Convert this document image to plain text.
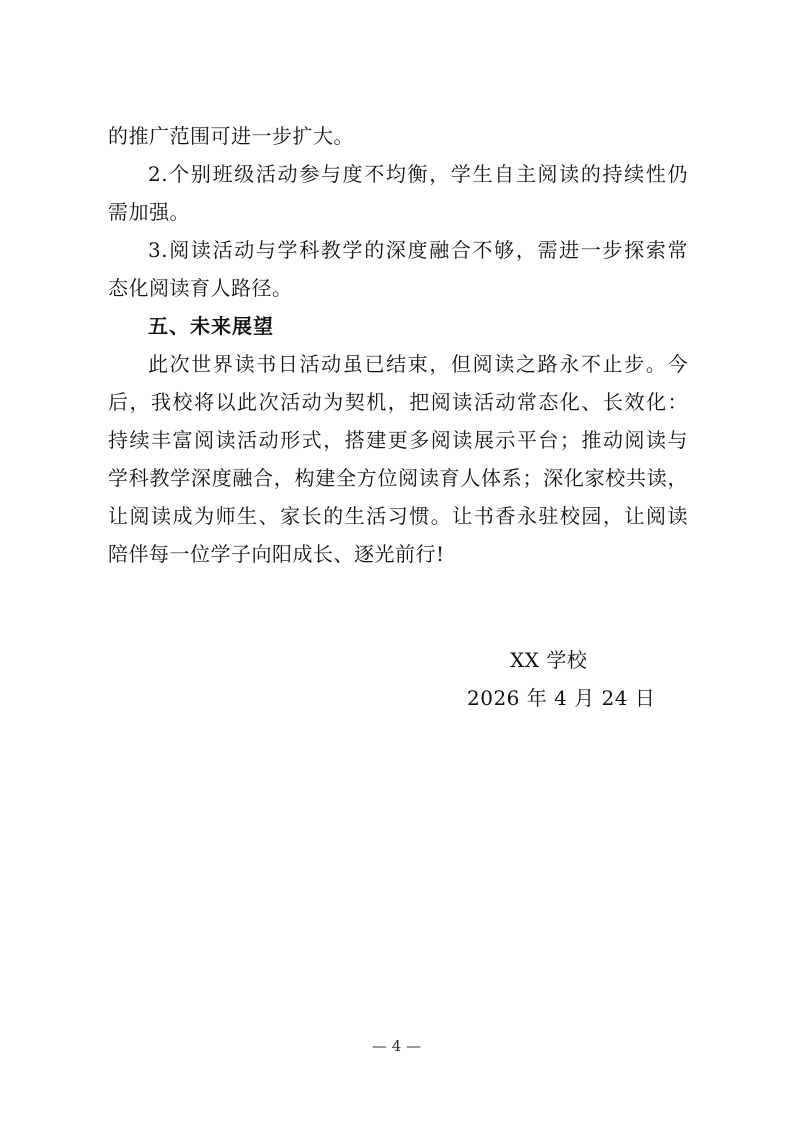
的推广范围可进一步扩大。
2.个别班级活动参与度不均衡，学生自主阅读的持续性仍
需加强。
3.阅读活动与学科教学的深度融合不够，需进一步探索常
态化阅读育人路径。
五、未来展望
此次世界读书日活动虽已结束，但阅读之路永不止步。今
后，我校将以此次活动为契机，把阅读活动常态化、长效化：
持续丰富阅读活动形式，搭建更多阅读展示平台；推动阅读与
学科教学深度融合，构建全方位阅读育人体系；深化家校共读，
让阅读成为师生、家长的生活习惯。让书香永驻校园，让阅读
陪伴每一位学子向阳成长、逐光前行!
XX 学校
2026 年 4 月 24 日
— 4 —
